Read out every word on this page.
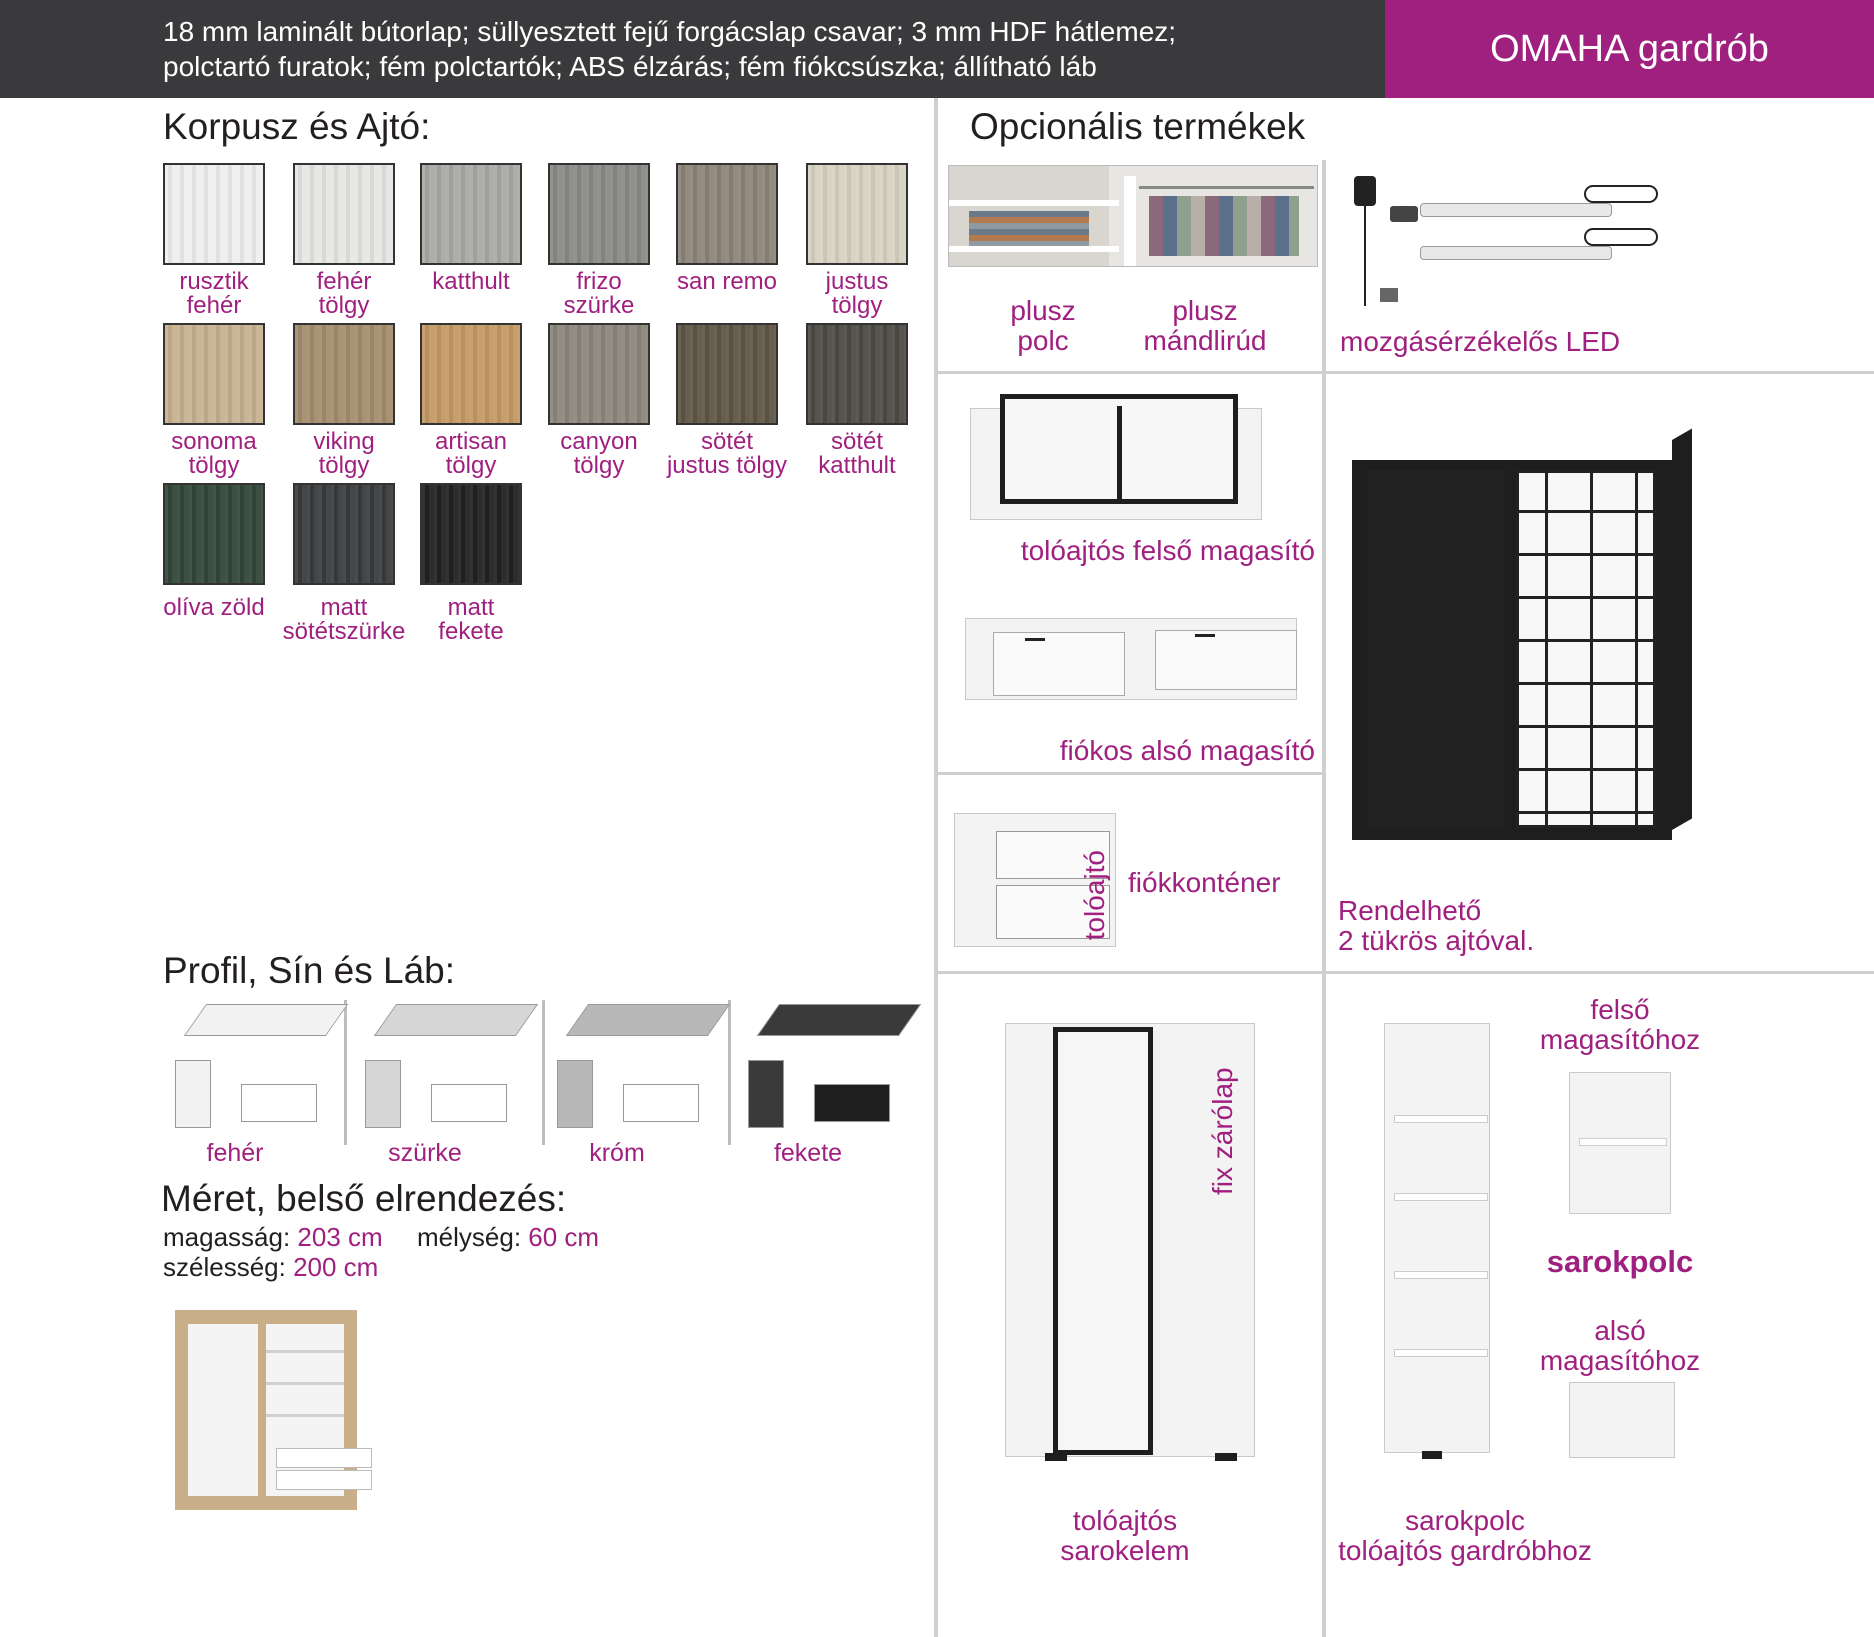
18 mm laminált bútorlap; süllyesztett fejű forgácslap csavar; 3 mm HDF hátlemez;
polctartó furatok; fém polctartók; ABS élzárás; fém fiókcsúszka; állítható láb	OMAHA gardrób
Korpusz és Ajtó:
rusztik
fehér
fehér
tölgy
katthult	frizo
szürke
san remo	justus
tölgy
sonoma
tölgy
viking
tölgy
artisan
tölgy
canyon
tölgy
sötét
justus tölgy
sötét
katthult
olíva zöld	matt
sötétszürke
matt
fekete
Profil, Sín és Láb:
fehér	szürke	króm	fekete
Méret, belső elrendezés:
magasság: 203 cm mélység: 60 cm
szélesség: 200 cm
Opcionális termékek
plusz
polc
plusz
mándlirúd	mozgásérzékelős LED
tolóajtós felső magasító
fiókos alsó magasító
fiókkonténer
Rendelhető
2 tükrös ajtóval.
tolóajtó
fix zárólap
tolóajtós
sarokelem
felső
magasítóhoz
sarokpolc
alsó
magasítóhoz
sarokpolc
tolóajtós gardróbhoz
